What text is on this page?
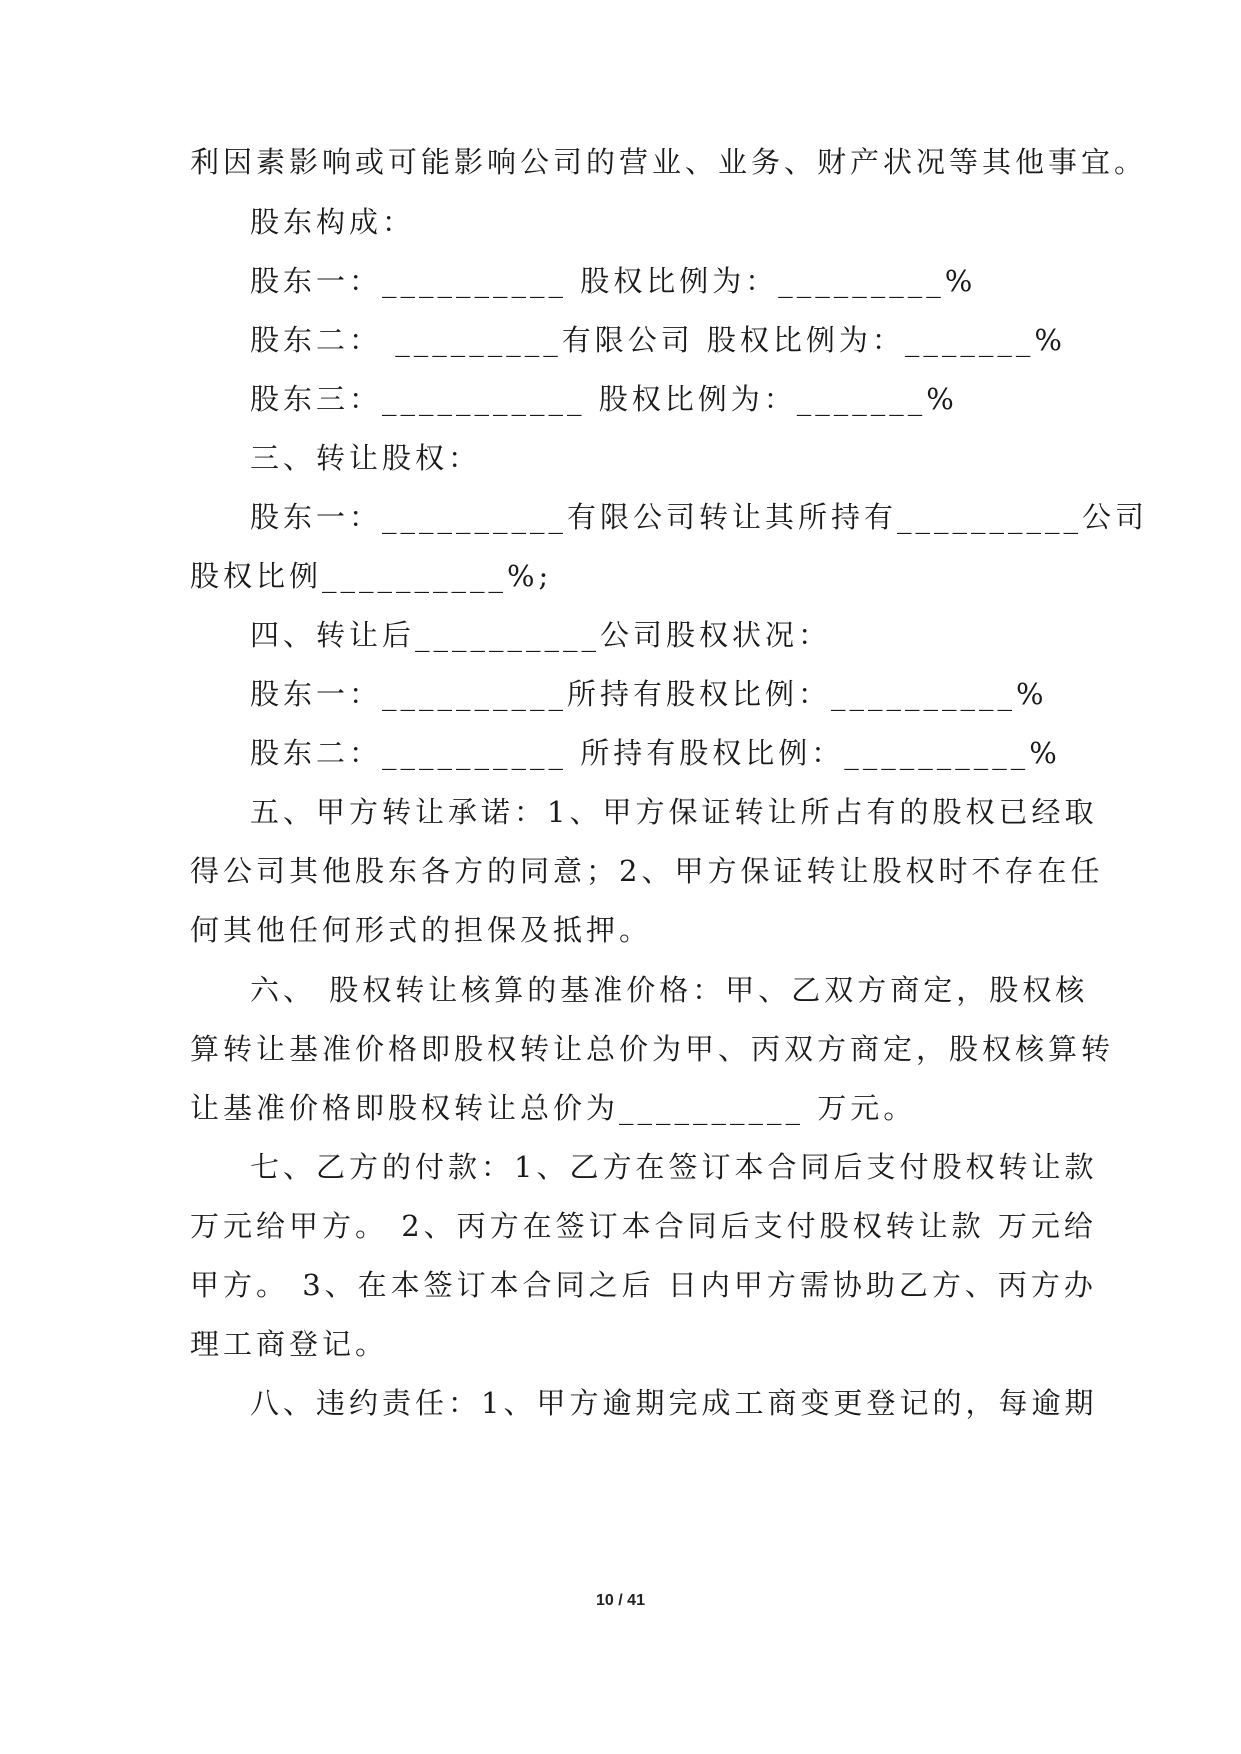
利因素影响或可能影响公司的营业、业务、财产状况等其他事宜。
股东构成：
股东一：__________ 股权比例为：_________%
股东二： _________有限公司 股权比例为：_______%
股东三：___________ 股权比例为：_______%
三、转让股权：
股东一：__________有限公司转让其所持有__________公司
股权比例__________%;
四、转让后__________公司股权状况：
股东一：__________所持有股权比例：__________%
股东二：__________ 所持有股权比例：__________%
五、甲方转让承诺：1、甲方保证转让所占有的股权已经取
得公司其他股东各方的同意；2、甲方保证转让股权时不存在任
何其他任何形式的担保及抵押。
六、 股权转让核算的基准价格：甲、乙双方商定，股权核
算转让基准价格即股权转让总价为甲、丙双方商定，股权核算转
让基准价格即股权转让总价为__________ 万元。
七、乙方的付款：1、乙方在签订本合同后支付股权转让款
万元给甲方。 2、丙方在签订本合同后支付股权转让款 万元给
甲方。 3、在本签订本合同之后 日内甲方需协助乙方、丙方办
理工商登记。
八、违约责任：1、甲方逾期完成工商变更登记的，每逾期
10 / 41
